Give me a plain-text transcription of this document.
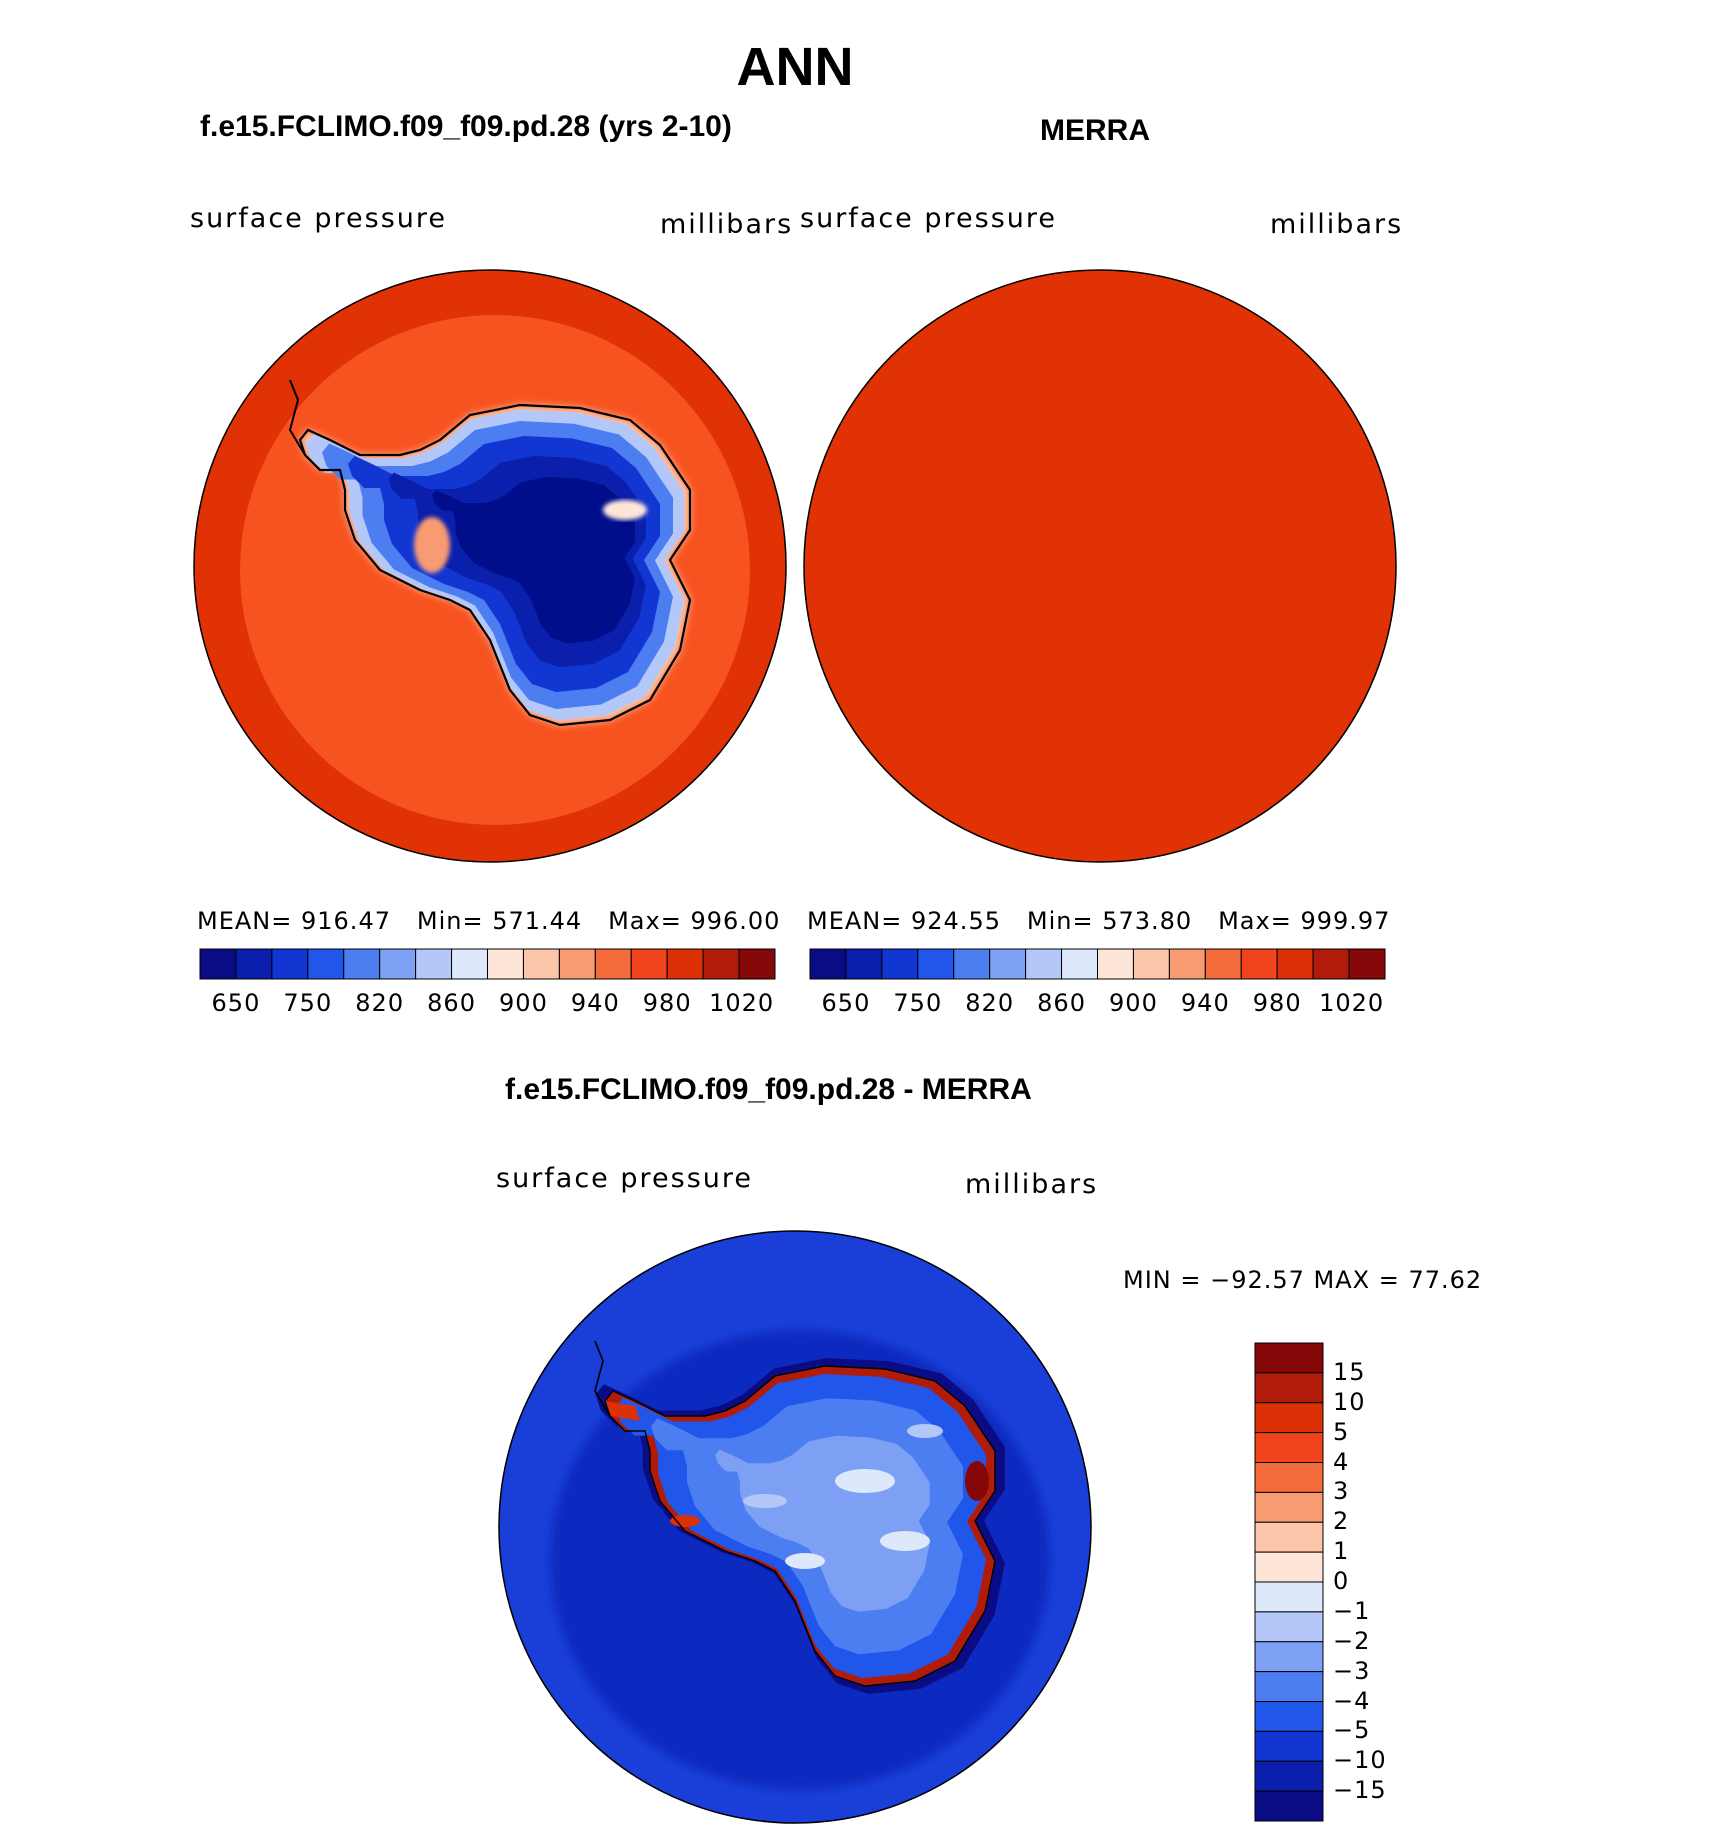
ANN
f.e15.FCLIMO.f09_f09.pd.28 (yrs 2-10)	MERRA
surface pressure	millibars surface pressure	millibars
MEAN= 916.47 Min= 571.44 Max= 996.00 MEAN= 924.55 Min= 573.80 Max= 999.97
650 750 820 860 900 940 980 1020 650 750 820 860 900 940 980 1020
f.e15.FCLIMO.f09_f09.pd.28 - MERRA
surface pressure	millibars
MIN = −92.57 MAX = 77.62
15
10
5
4
3
2
1
0
−1
−2
−3
−4
−5
−10
−15
